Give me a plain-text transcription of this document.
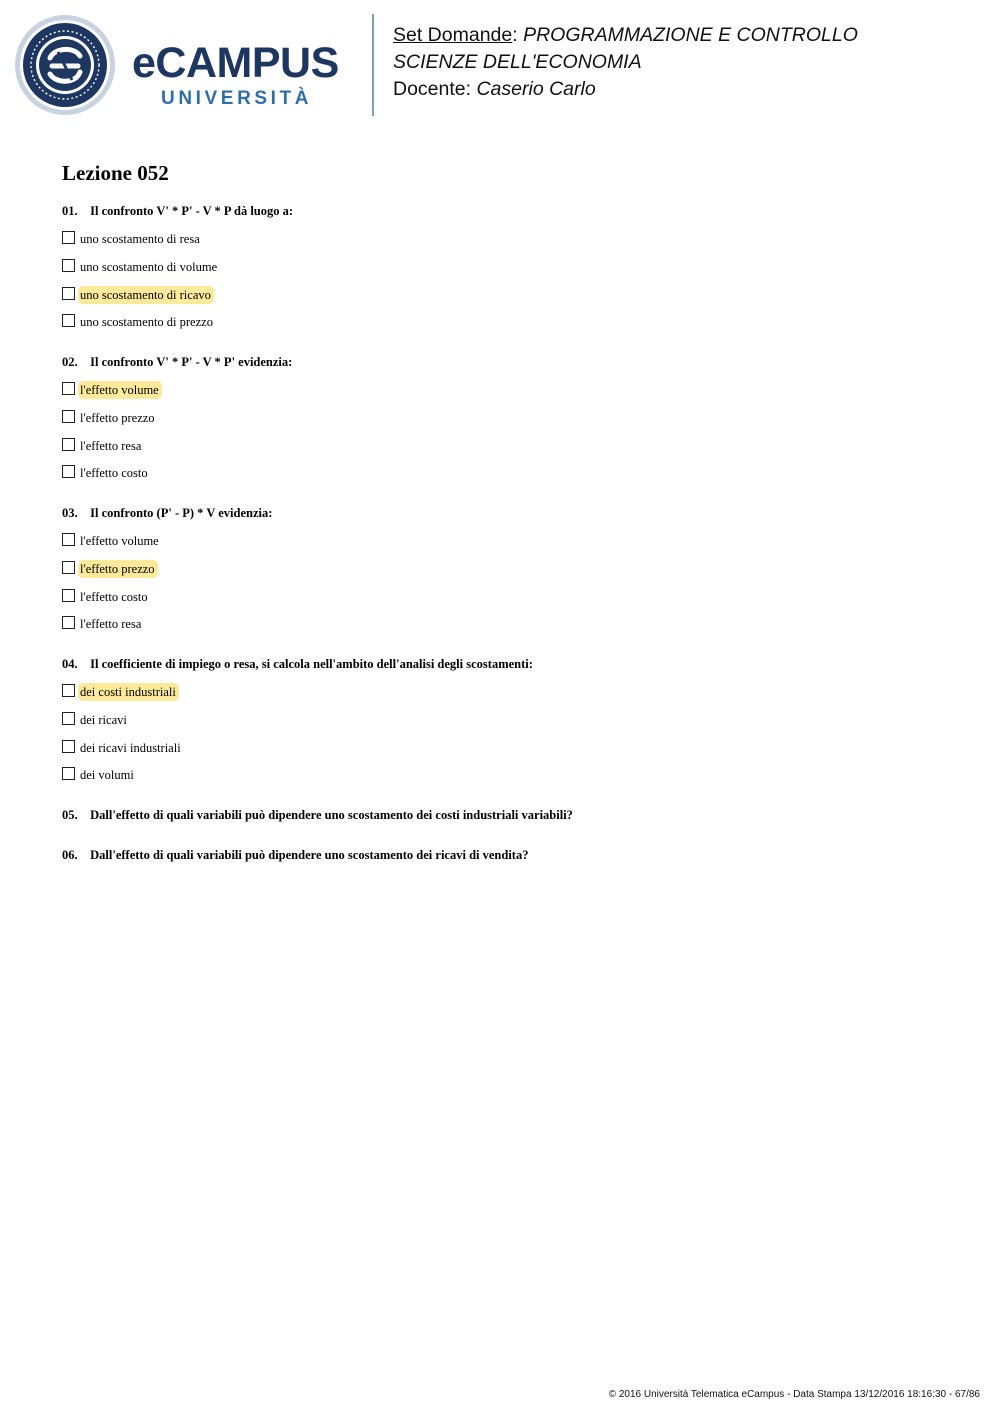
eCAMPUS
UNIVERSITÀ
Set Domande: PROGRAMMAZIONE E CONTROLLO
SCIENZE DELL'ECONOMIA
Docente: Caserio Carlo
Lezione 052
01. Il confronto V' * P' - V * P dà luogo a:
uno scostamento di resa
uno scostamento di volume
uno scostamento di ricavo
uno scostamento di prezzo
02. Il confronto V' * P' - V * P' evidenzia:
l'effetto volume
l'effetto prezzo
l'effetto resa
l'effetto costo
03. Il confronto (P' - P) * V evidenzia:
l'effetto volume
l'effetto prezzo
l'effetto costo
l'effetto resa
04. Il coefficiente di impiego o resa, si calcola nell'ambito dell'analisi degli scostamenti:
dei costi industriali
dei ricavi
dei ricavi industriali
dei volumi
05. Dall'effetto di quali variabili può dipendere uno scostamento dei costi industriali variabili?
06. Dall'effetto di quali variabili può dipendere uno scostamento dei ricavi di vendita?
© 2016 Università Telematica eCampus - Data Stampa 13/12/2016 18:16:30 - 67/86
